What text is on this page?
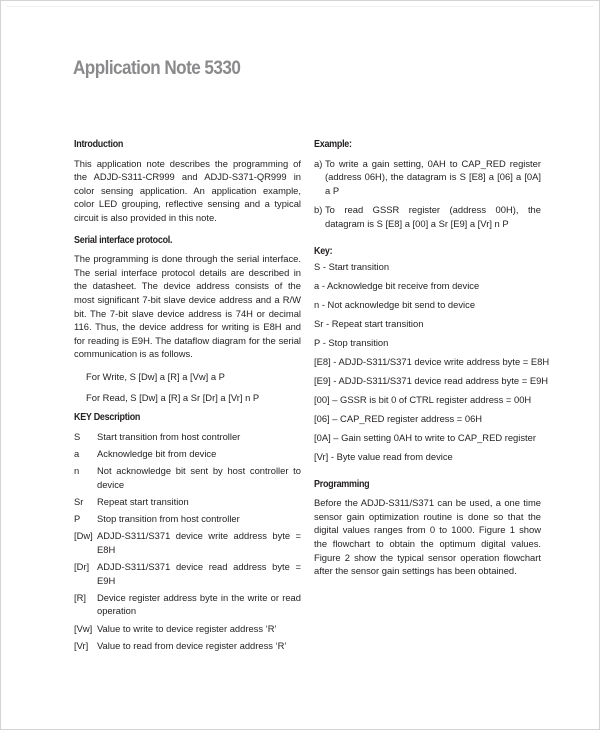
Application Note 5330
Introduction
This application note describes the programming of the ADJD-S311-CR999 and ADJD-S371-QR999 in color sensing application. An application example, color LED grouping, reflective sensing and a typical circuit is also provided in this note.
Serial interface protocol.
The programming is done through the serial interface. The serial interface protocol details are described in the datasheet. The device address consists of the most significant 7-bit slave device address and a R/W bit. The 7-bit slave device address is 74H or decimal 116. Thus, the device address for writing is E8H and for reading is E9H. The dataflow diagram for the serial communication is as follows.
For Write, S [Dw] a [R] a [Vw] a P
For Read, S [Dw] a [R] a Sr [Dr] a [Vr] n P
KEY Description
S	Start transition from host controller
a	Acknowledge bit from device
n	Not acknowledge bit sent by host controller to device
Sr	Repeat start transition
P	Stop transition from host controller
[Dw] ADJD-S311/S371 device write address byte = E8H
[Dr] ADJD-S311/S371 device read address byte = E9H
[R]	Device register address byte in the write or read operation
[Vw] Value to write to device register address ‘R’
[Vr] Value to read from device register address ‘R’
Example:
a) To write a gain setting, 0AH to CAP_RED register (address 06H), the datagram is S [E8] a [06] a [0A] a P
b) To read GSSR register (address 00H), the datagram is S [E8] a [00] a Sr [E9] a [Vr] n P
Key:
S - Start transition
a - Acknowledge bit receive from device
n - Not acknowledge bit send to device
Sr - Repeat start transition
P - Stop transition
[E8] - ADJD-S311/S371 device write address byte = E8H
[E9] - ADJD-S311/S371 device read address byte = E9H
[00] – GSSR is bit 0 of CTRL register address = 00H
[06] – CAP_RED register address = 06H
[0A] – Gain setting 0AH to write to CAP_RED register
[Vr] - Byte value read from device
Programming
Before the ADJD-S311/S371 can be used, a one time sensor gain optimization routine is done so that the digital values ranges from 0 to 1000. Figure 1 show the flowchart to obtain the optimum digital values. Figure 2 show the typical sensor operation flowchart after the sensor gain settings has been obtained.
